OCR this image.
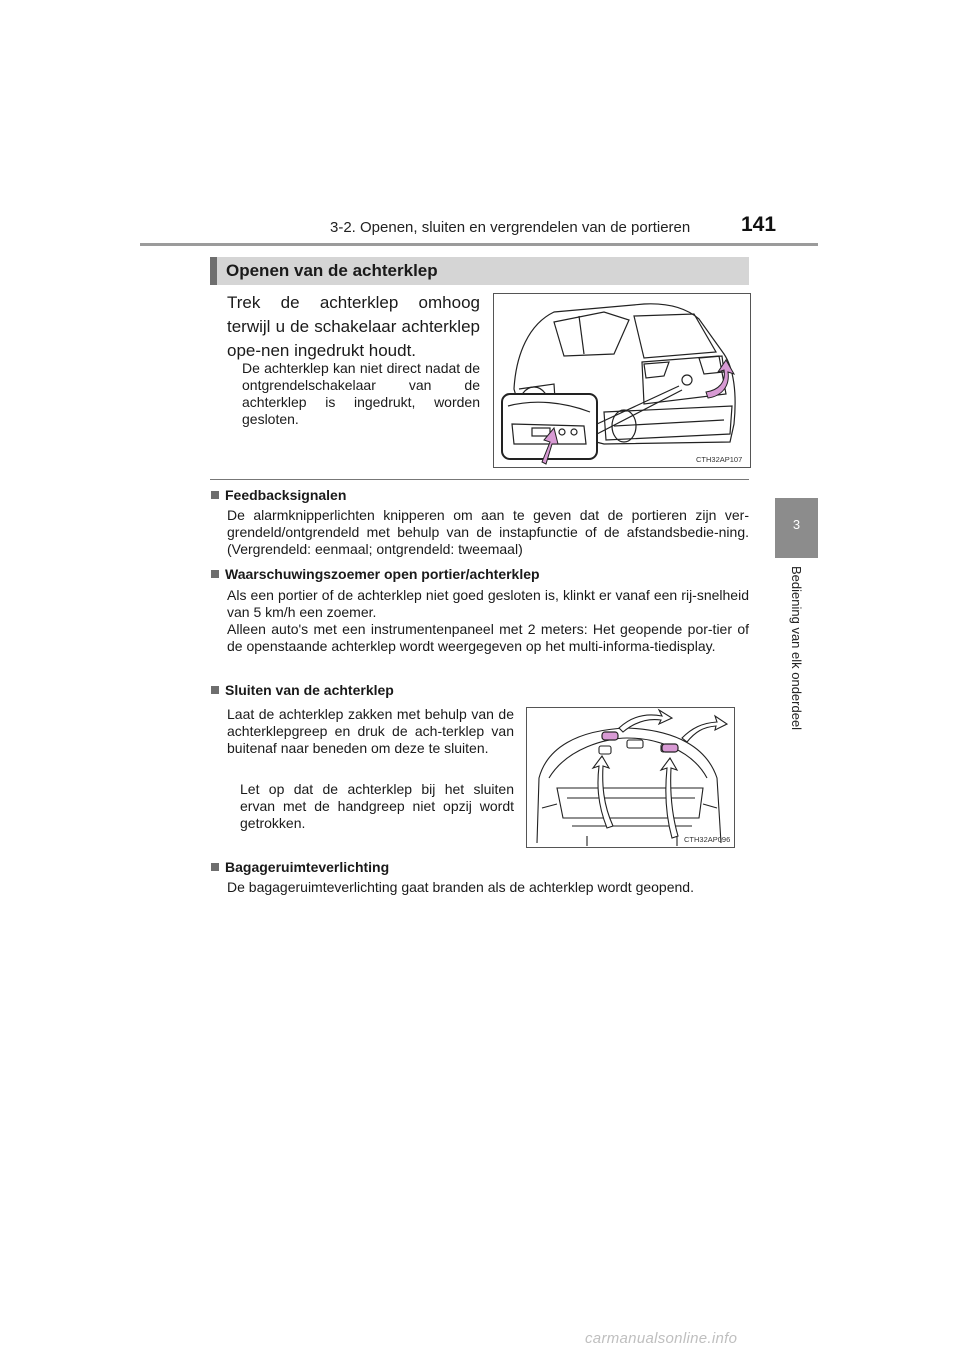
3-2. Openen, sluiten en vergrendelen van de portieren 141
3
Bediening van elk onderdeel
Openen van de achterklep
Trek de achterklep omhoog terwijl u de schakelaar achterklep ope-nen ingedrukt houdt.
De achterklep kan niet direct nadat de ontgrendelschakelaar van de achterklep is ingedrukt, worden gesloten.
CTH32AP107
Feedbacksignalen
De alarmknipperlichten knipperen om aan te geven dat de portieren zijn ver-grendeld/ontgrendeld met behulp van de instapfunctie of de afstandsbedie-ning. (Vergrendeld: eenmaal; ontgrendeld: tweemaal)
Waarschuwingszoemer open portier/achterklep
Als een portier of de achterklep niet goed gesloten is, klinkt er vanaf een rij-snelheid van 5 km/h een zoemer.
Alleen auto's met een instrumentenpaneel met 2 meters: Het geopende por-tier of de openstaande achterklep wordt weergegeven op het multi-informa-tiedisplay.
Sluiten van de achterklep
Laat de achterklep zakken met behulp van de achterklepgreep en druk de ach-terklep van buitenaf naar beneden om deze te sluiten.
Let op dat de achterklep bij het sluiten ervan met de handgreep niet opzij wordt getrokken.
CTH32AP096
Bagageruimteverlichting
De bagageruimteverlichting gaat branden als de achterklep wordt geopend.
carmanualsonline.info
